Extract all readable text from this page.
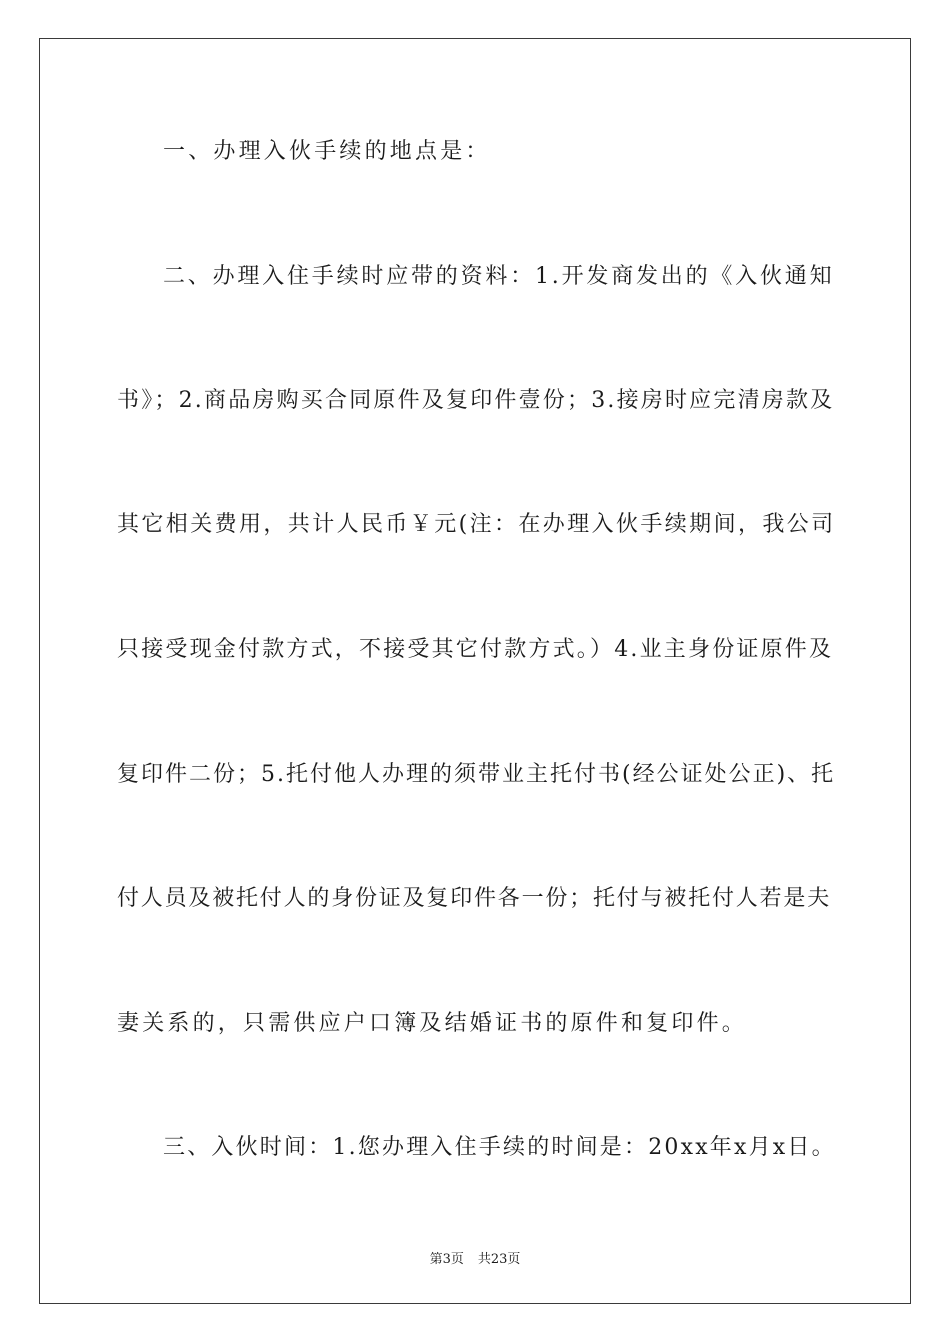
一、办理入伙手续的地点是：
二、办理入住手续时应带的资料：1.开发商发出的《入伙通知
书》；2.商品房购买合同原件及复印件壹份；3.接房时应完清房款及
其它相关费用，共计人民币￥元(注：在办理入伙手续期间，我公司
只接受现金付款方式，不接受其它付款方式。）4.业主身份证原件及
复印件二份；5.托付他人办理的须带业主托付书(经公证处公正)、托
付人员及被托付人的身份证及复印件各一份；托付与被托付人若是夫
妻关系的，只需供应户口簿及结婚证书的原件和复印件。
三、入伙时间：1.您办理入住手续的时间是：20xx年x月x日。
第3页 共23页
